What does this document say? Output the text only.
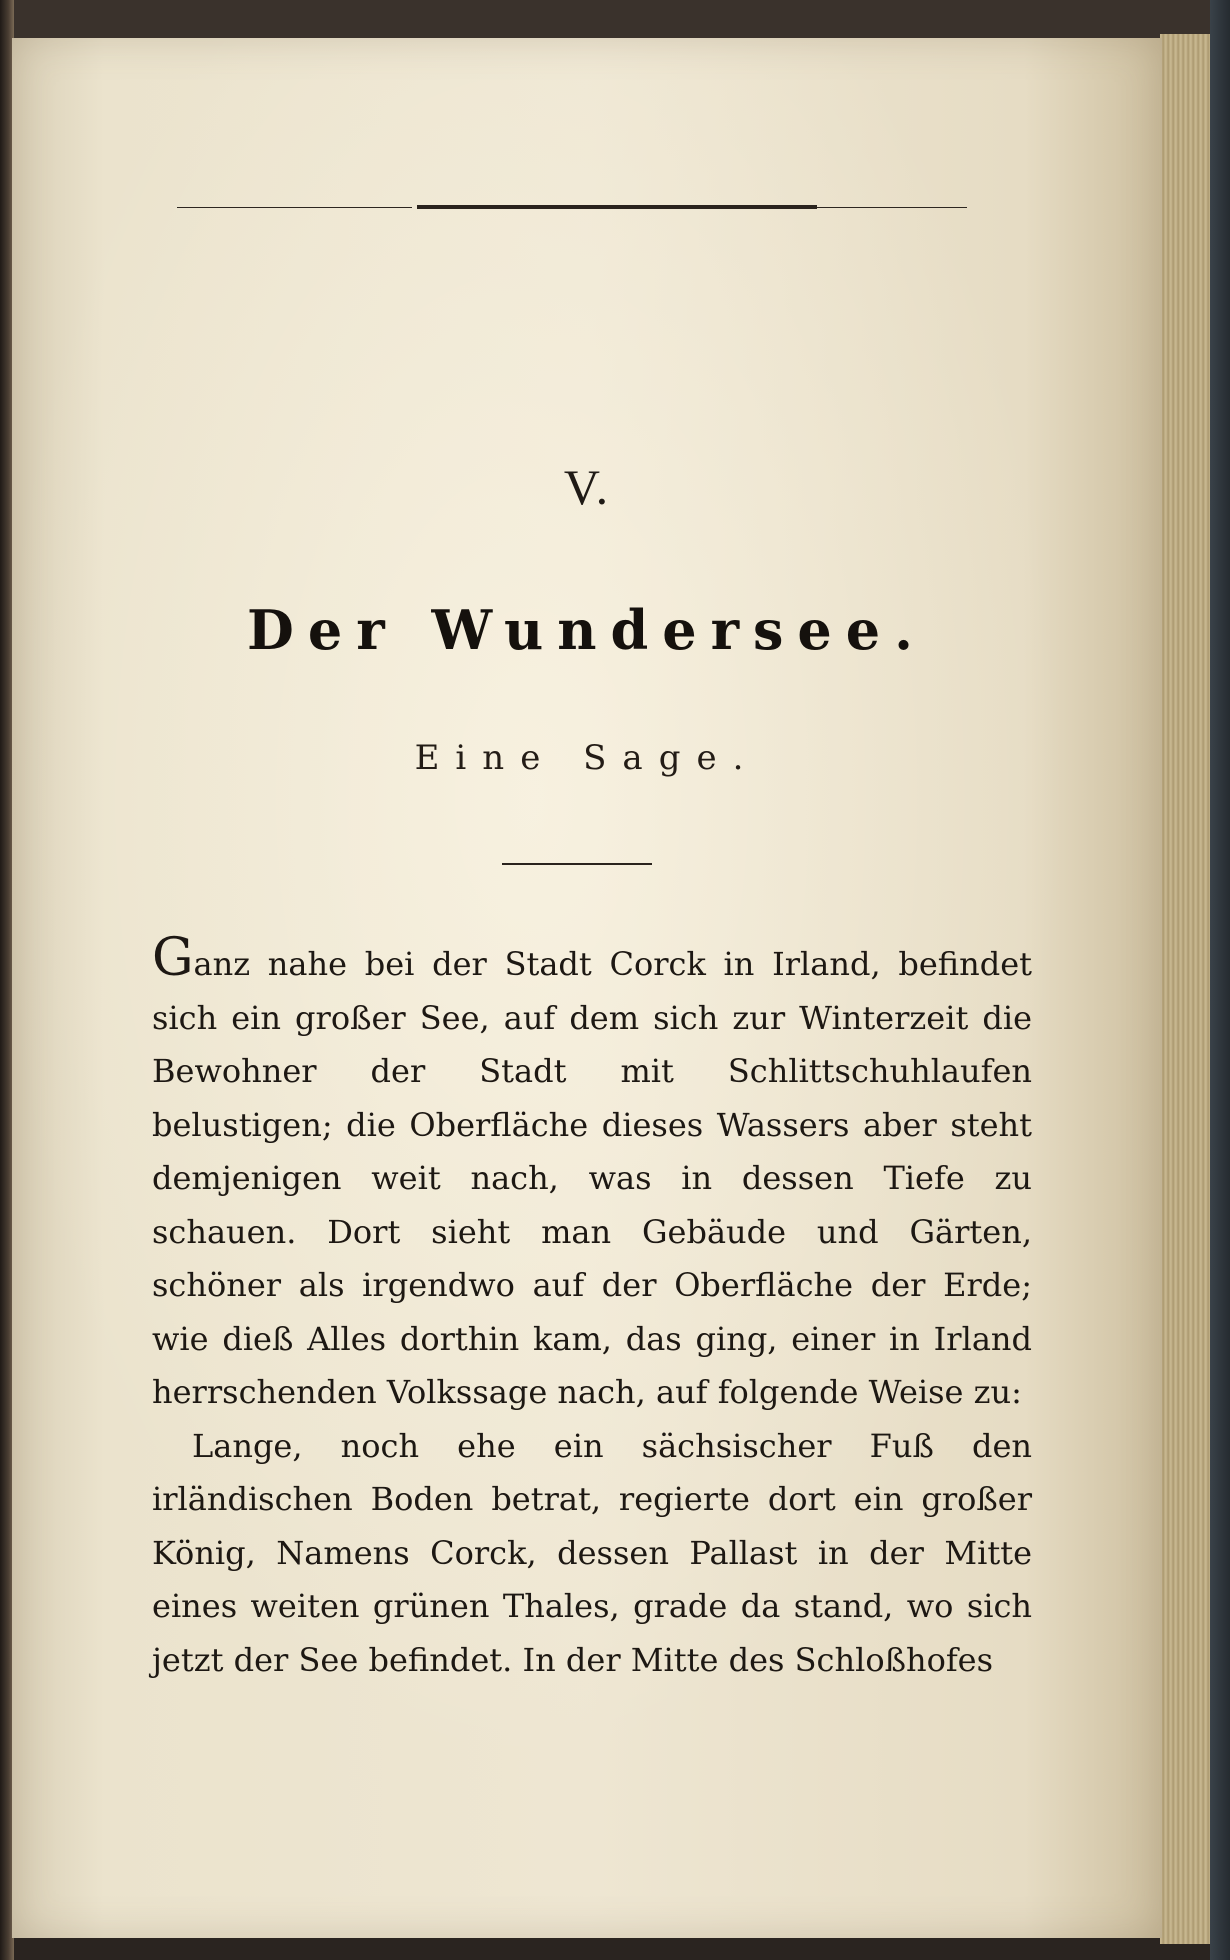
V.
Der Wundersee.
Eine Sage.

Ganz nahe bei der Stadt Corck in Irland, befindet sich ein großer See, auf dem sich zur Winterzeit die Bewohner der Stadt mit Schlittschuhlaufen belustigen; die Oberfläche dieses Wassers aber steht demjenigen weit nach, was in dessen Tiefe zu schauen. Dort sieht man Gebäude und Gärten, schöner als irgendwo auf der Oberfläche der Erde; wie dieß Alles dorthin kam, das ging, einer in Irland herrschenden Volkssage nach, auf folgende Weise zu:

Lange, noch ehe ein sächsischer Fuß den irländischen Boden betrat, regierte dort ein großer König, Namens Corck, dessen Pallast in der Mitte eines weiten grünen Thales, grade da stand, wo sich jetzt der See befindet. In der Mitte des Schloßhofes
